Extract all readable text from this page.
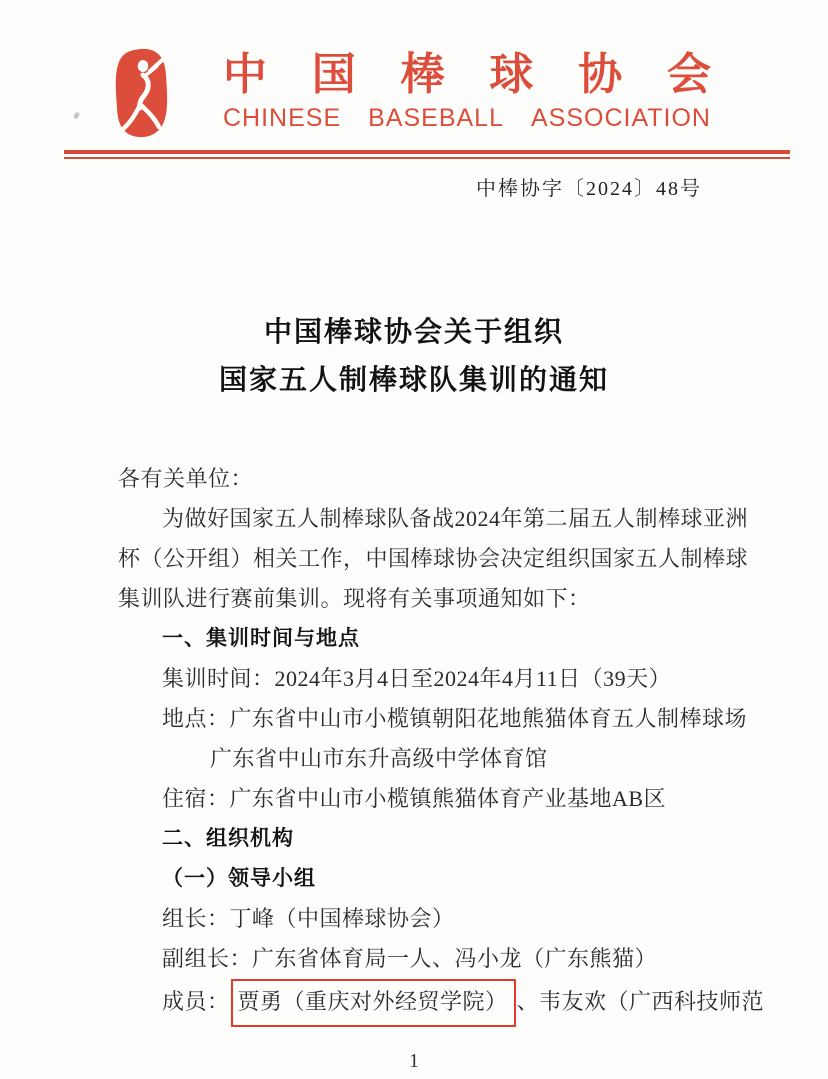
中 国 棒 球 协 会
CHINESE BASEBALL ASSOCIATION
中棒协字〔2024〕48号
中国棒球协会关于组织
国家五人制棒球队集训的通知
各有关单位：
为做好国家五人制棒球队备战2024年第二届五人制棒球亚洲
杯（公开组）相关工作，中国棒球协会决定组织国家五人制棒球
集训队进行赛前集训。现将有关事项通知如下：
一、集训时间与地点
集训时间：2024年3月4日至2024年4月11日（39天）
地点：广东省中山市小榄镇朝阳花地熊猫体育五人制棒球场
广东省中山市东升高级中学体育馆
住宿：广东省中山市小榄镇熊猫体育产业基地AB区
二、组织机构
（一）领导小组
组长：丁峰（中国棒球协会）
副组长：广东省体育局一人、冯小龙（广东熊猫）
成员： 贾勇（重庆对外经贸学院） 、韦友欢（广西科技师范
1
